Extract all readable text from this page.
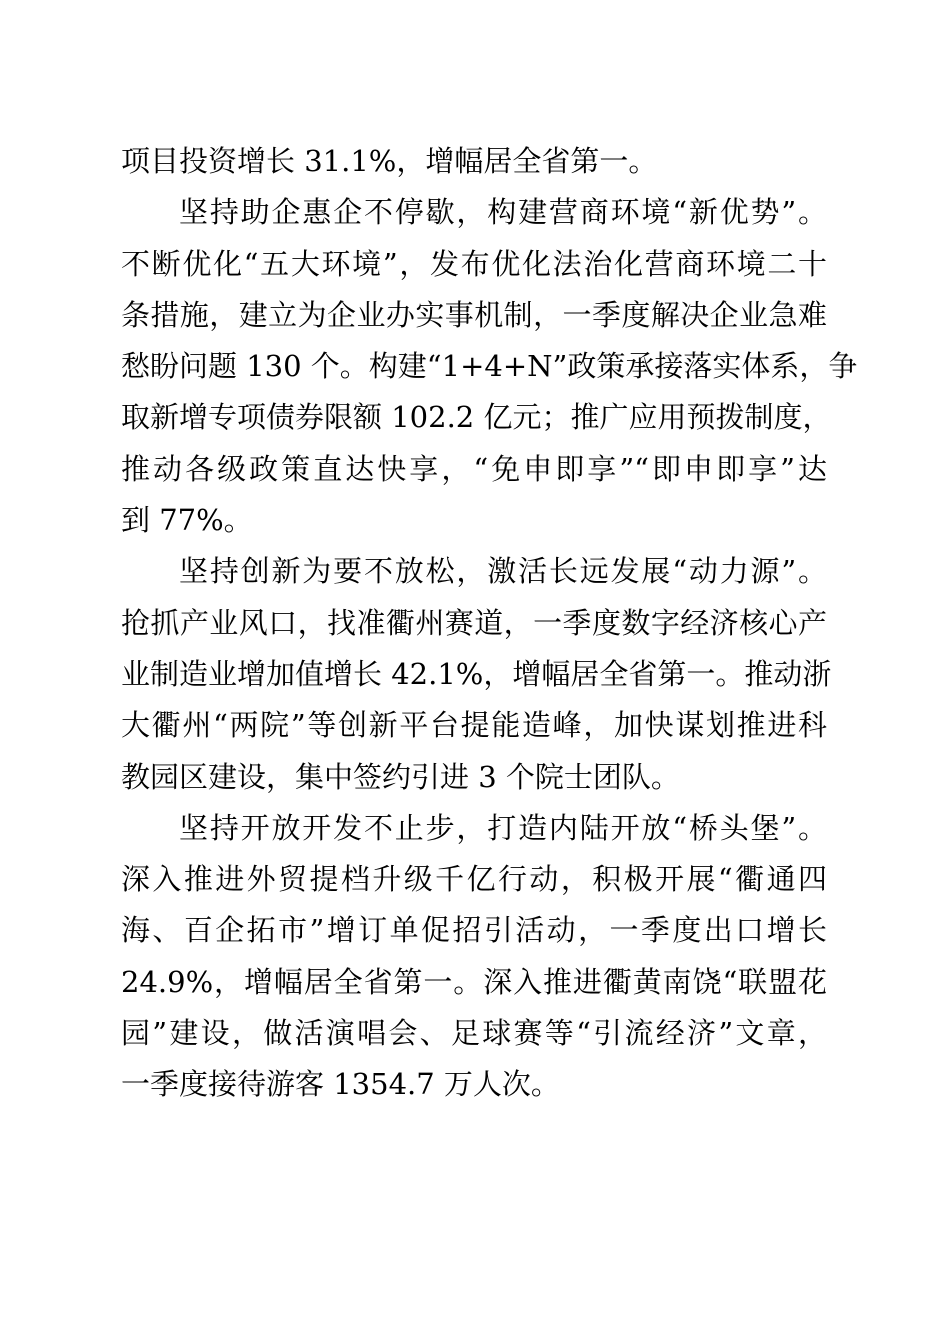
项目投资增长 31.1%，增幅居全省第一。
坚持助企惠企不停歇，构建营商环境“新优势”。
不断优化“五大环境”，发布优化法治化营商环境二十
条措施，建立为企业办实事机制，一季度解决企业急难
愁盼问题 130 个。构建“1+4+N”政策承接落实体系，争
取新增专项债券限额 102.2 亿元；推广应用预拨制度，
推动各级政策直达快享，“免申即享”“即申即享”达
到 77%。
坚持创新为要不放松，激活长远发展“动力源”。
抢抓产业风口，找准衢州赛道，一季度数字经济核心产
业制造业增加值增长 42.1%，增幅居全省第一。推动浙
大衢州“两院”等创新平台提能造峰，加快谋划推进科
教园区建设，集中签约引进 3 个院士团队。
坚持开放开发不止步，打造内陆开放“桥头堡”。
深入推进外贸提档升级千亿行动，积极开展“衢通四
海、百企拓市”增订单促招引活动，一季度出口增长
24.9%，增幅居全省第一。深入推进衢黄南饶“联盟花
园”建设，做活演唱会、足球赛等“引流经济”文章，
一季度接待游客 1354.7 万人次。
